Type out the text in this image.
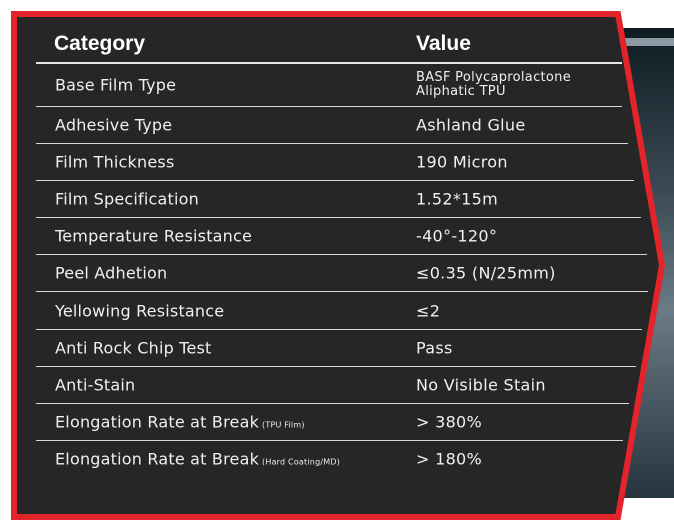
Category	Value
Base Film Type	BASF Polycaprolactone
Aliphatic TPU
Adhesive Type	Ashland Glue
Film Thickness	190 Micron
Film Specification	1.52*15m
Temperature Resistance	-40°-120°
Peel Adhetion	≤0.35 (N/25mm)
Yellowing Resistance	≤2
Anti Rock Chip Test	Pass
Anti-Stain	No Visible Stain
Elongation Rate at Break (TPU Film)	> 380%
Elongation Rate at Break (Hard Coating/MD)	> 180%
